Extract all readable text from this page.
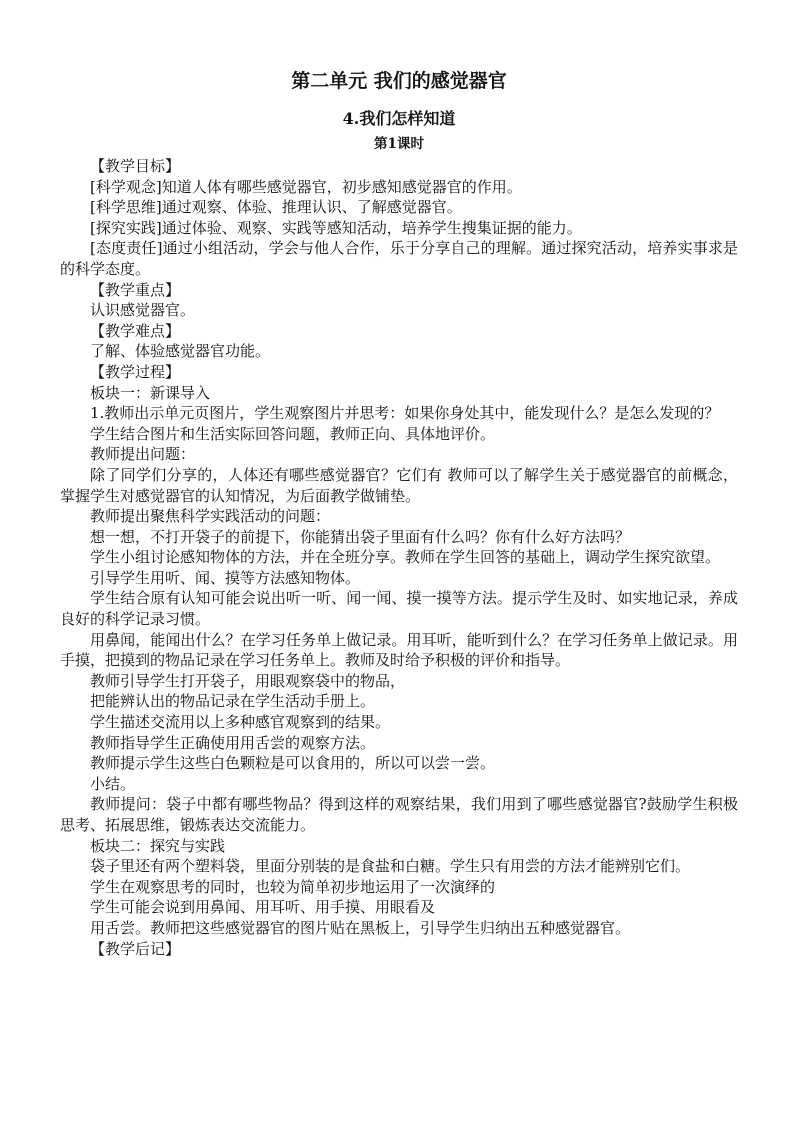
第二单元 我们的感觉器官
4.我们怎样知道
第1课时

【教学目标】

[科学观念]知道人体有哪些感觉器官，初步感知感觉器官的作用。

[科学思维]通过观察、体验、推理认识、了解感觉器官。

[探究实践]通过体验、观察、实践等感知活动，培养学生搜集证据的能力。

[态度责任]通过小组活动，学会与他人合作，乐于分享自己的理解。通过探究活动，培养实事求是的科学态度。

【教学重点】

认识感觉器官。

【教学难点】

了解、体验感觉器官功能。

【教学过程】

板块一：新课导入

1.教师出示单元页图片，学生观察图片并思考：如果你身处其中，能发现什么？是怎么发现的？

学生结合图片和生活实际回答问题，教师正向、具体地评价。

教师提出问题：

除了同学们分享的，人体还有哪些感觉器官？它们有 教师可以了解学生关于感觉器官的前概念，掌握学生对感觉器官的认知情况，为后面教学做铺垫。

教师提出聚焦科学实践活动的问题：

想一想，不打开袋子的前提下，你能猜出袋子里面有什么吗？你有什么好方法吗？

学生小组讨论感知物体的方法，并在全班分享。教师在学生回答的基础上，调动学生探究欲望。

引导学生用听、闻、摸等方法感知物体。

学生结合原有认知可能会说出听一听、闻一闻、摸一摸等方法。提示学生及时、如实地记录，养成良好的科学记录习惯。

用鼻闻，能闻出什么？在学习任务单上做记录。用耳听，能听到什么？在学习任务单上做记录。用手摸，把摸到的物品记录在学习任务单上。教师及时给予积极的评价和指导。

教师引导学生打开袋子，用眼观察袋中的物品，

把能辨认出的物品记录在学生活动手册上。

学生描述交流用以上多种感官观察到的结果。

教师指导学生正确使用用舌尝的观察方法。

教师提示学生这些白色颗粒是可以食用的，所以可以尝一尝。

小结。

教师提问：袋子中都有哪些物品？得到这样的观察结果，我们用到了哪些感觉器官?鼓励学生积极思考、拓展思维，锻炼表达交流能力。

板块二：探究与实践

袋子里还有两个塑料袋，里面分别装的是食盐和白糖。学生只有用尝的方法才能辨别它们。

学生在观察思考的同时，也较为简单初步地运用了一次演绎的

学生可能会说到用鼻闻、用耳听、用手摸、用眼看及

用舌尝。教师把这些感觉器官的图片贴在黑板上，引导学生归纳出五种感觉器官。

【教学后记】
